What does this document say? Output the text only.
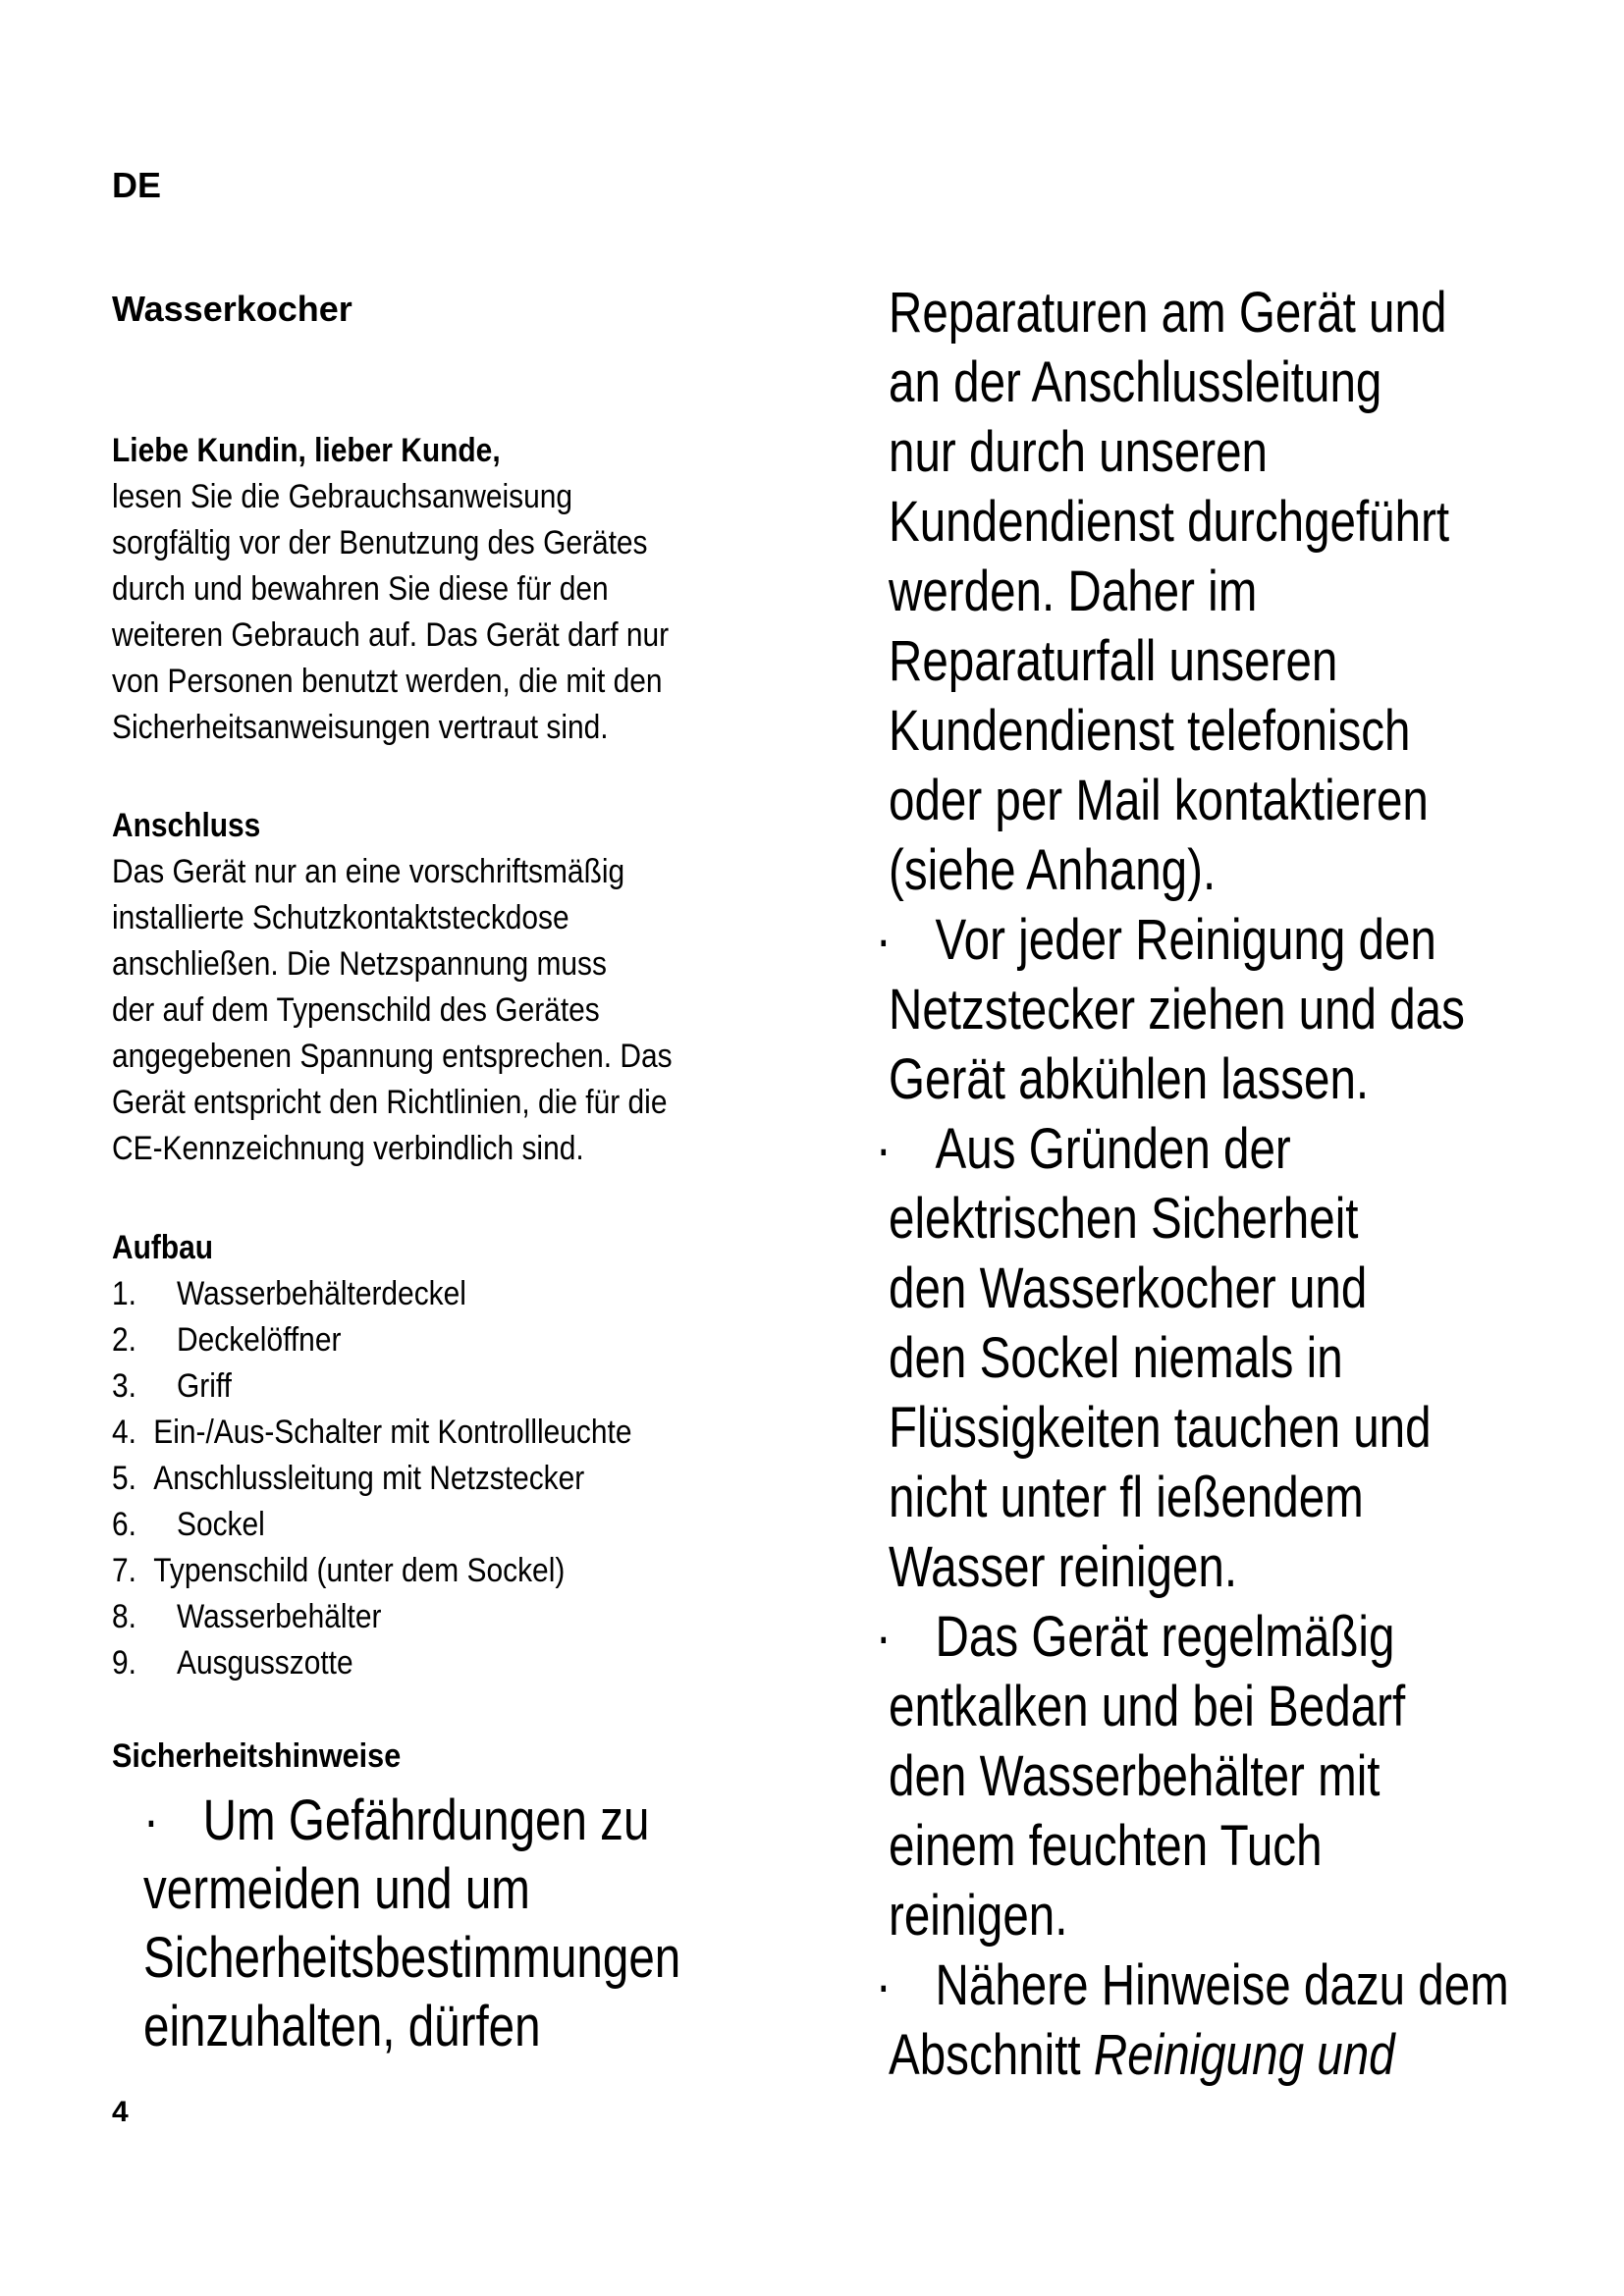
DE
Wasserkocher
Liebe Kundin, lieber Kunde,
lesen Sie die Gebrauchsanweisung
sorgfältig vor der Benutzung des Gerätes
durch und bewahren Sie diese für den
weiteren Gebrauch auf. Das Gerät darf nur
von Personen benutzt werden, die mit den
Sicherheitsanweisungen vertraut sind.
Anschluss
Das Gerät nur an eine vorschriftsmäßig
installierte Schutzkontaktsteckdose
anschließen. Die Netzspannung muss
der auf dem Typenschild des Gerätes
angegebenen Spannung entsprechen. Das
Gerät entspricht den Richtlinien, die für die
CE-Kennzeichnung verbindlich sind.
Aufbau
1.	Wasserbehälterdeckel
2.	Deckelöffner
3.	Griff
4. Ein-/Aus-Schalter mit Kontrollleuchte
5. Anschlussleitung mit Netzstecker
6.	Sockel
7. Typenschild (unter dem Sockel)
8.	Wasserbehälter
9.	Ausgusszotte
Sicherheitshinweise
· Um Gefährdungen zu
vermeiden und um
Sicherheitsbestimmungen
einzuhalten, dürfen
Reparaturen am Gerät und
an der Anschlussleitung
nur durch unseren
Kundendienst durchgeführt
werden. Daher im
Reparaturfall unseren
Kundendienst telefonisch
oder per Mail kontaktieren
(siehe Anhang).
· Vor jeder Reinigung den
Netzstecker ziehen und das
Gerät abkühlen lassen.
· Aus Gründen der
elektrischen Sicherheit
den Wasserkocher und
den Sockel niemals in
Flüssigkeiten tauchen und
nicht unter fl ießendem
Wasser reinigen.
· Das Gerät regelmäßig
entkalken und bei Bedarf
den Wasserbehälter mit
einem feuchten Tuch
reinigen.
· Nähere Hinweise dazu dem
Abschnitt Reinigung und
4
